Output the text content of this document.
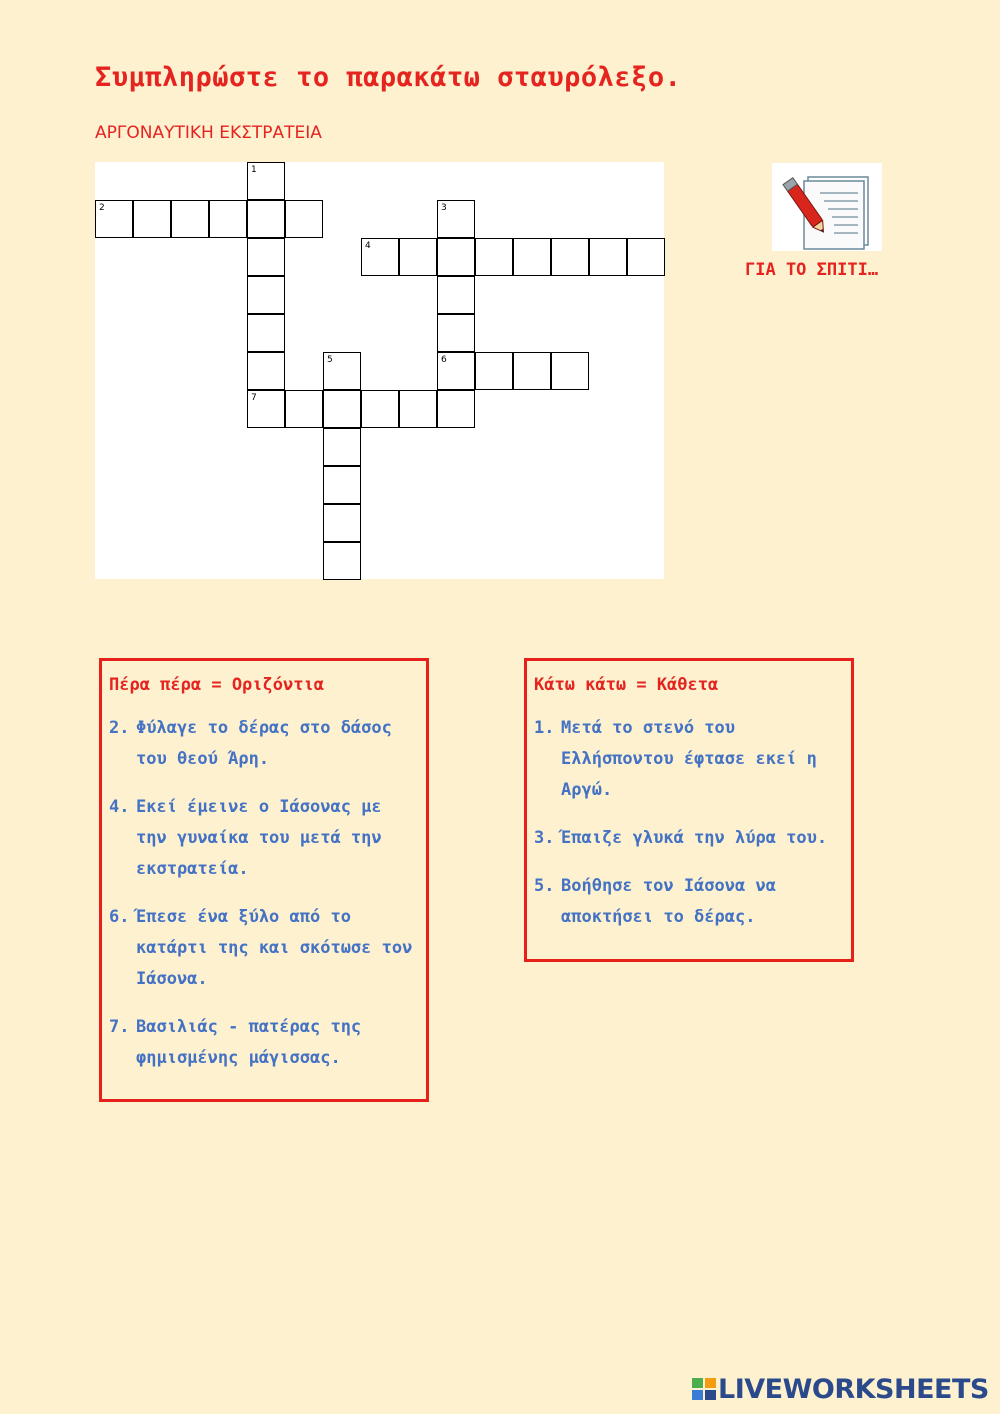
Συμπληρώστε το παρακάτω σταυρόλεξο.
ΑΡΓΟΝΑΥΤΙΚΗ ΕΚΣΤΡΑΤΕΙΑ
1
2	3
6
4
5
7
ΓΙΑ ΤΟ ΣΠΙΤΙ…
Πέρα πέρα = Οριζόντια
2. Φύλαγε το δέρας στο δάσος του θεού Άρη.
4. Εκεί έμεινε ο Ιάσονας με την γυναίκα του μετά την εκστρατεία.
6. Έπεσε ένα ξύλο από το κατάρτι της και σκότωσε τον Ιάσονα.
7. Βασιλιάς - πατέρας της φημισμένης μάγισσας.
Κάτω κάτω = Κάθετα
1. Μετά το στενό του Ελλήσποντου έφτασε εκεί η Αργώ.
3. Έπαιζε γλυκά την λύρα του.
5. Βοήθησε τον Ιάσονα να αποκτήσει το δέρας.
LIVEWORKSHEETS
